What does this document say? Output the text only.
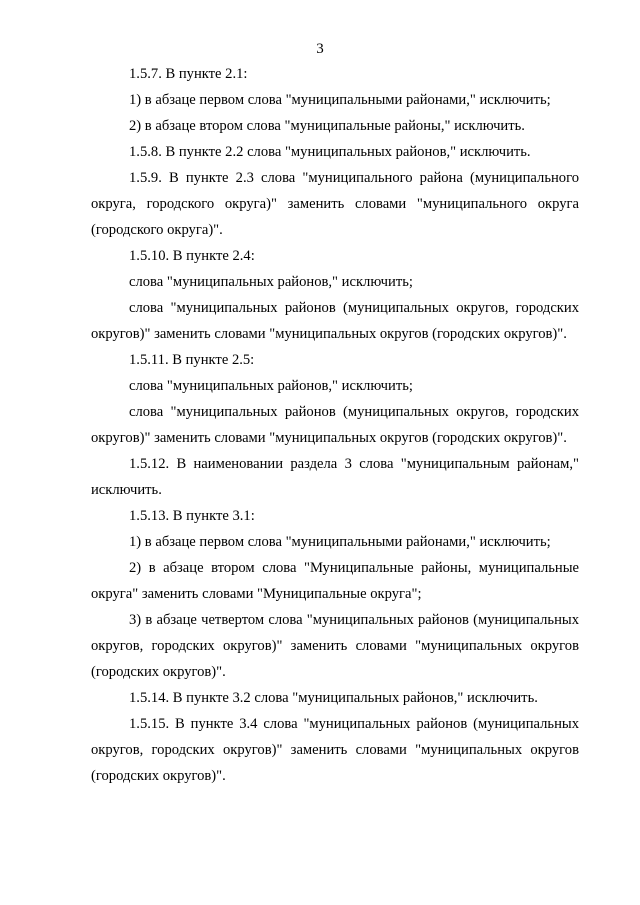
3

1.5.7. В пункте 2.1:

1) в абзаце первом слова "муниципальными районами," исключить;

2) в абзаце втором слова "муниципальные районы," исключить.

1.5.8. В пункте 2.2 слова "муниципальных районов," исключить.

1.5.9. В пункте 2.3 слова "муниципального района (муниципального округа, городского округа)" заменить словами "муниципального округа (городского округа)".

1.5.10. В пункте 2.4:

слова "муниципальных районов," исключить;

слова "муниципальных районов (муниципальных округов, городских округов)" заменить словами "муниципальных округов (городских округов)".

1.5.11. В пункте 2.5:

слова "муниципальных районов," исключить;

слова "муниципальных районов (муниципальных округов, городских округов)" заменить словами "муниципальных округов (городских округов)".

1.5.12. В наименовании раздела 3 слова "муниципальным районам," исключить.

1.5.13. В пункте 3.1:

1) в абзаце первом слова "муниципальными районами," исключить;

2) в абзаце втором слова "Муниципальные районы, муниципальные округа" заменить словами "Муниципальные округа";

3) в абзаце четвертом слова "муниципальных районов (муниципальных округов, городских округов)" заменить словами "муниципальных округов (городских округов)".

1.5.14. В пункте 3.2 слова "муниципальных районов," исключить.

1.5.15. В пункте 3.4 слова "муниципальных районов (муниципальных округов, городских округов)" заменить словами "муниципальных округов (городских округов)".
